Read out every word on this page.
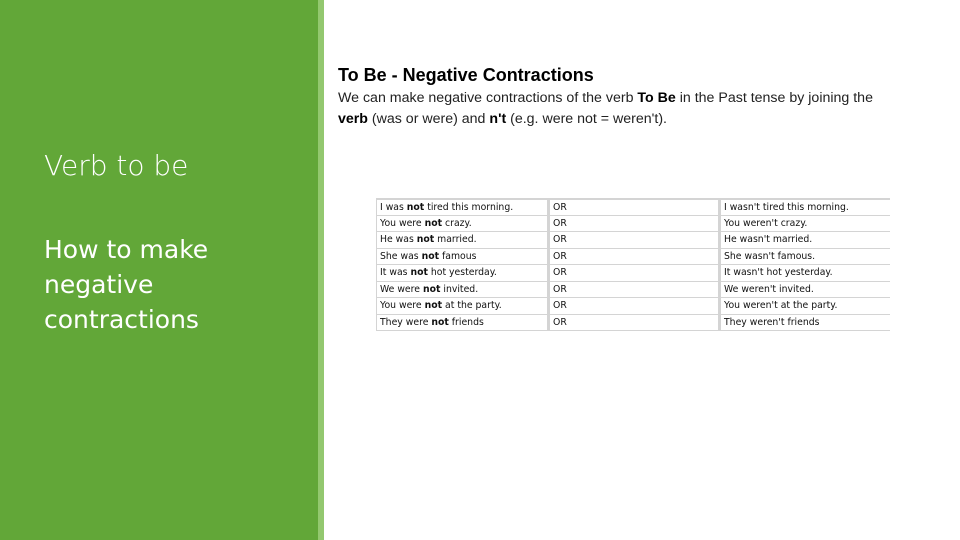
Verb to be
How to make negative contractions
To Be - Negative Contractions
We can make negative contractions of the verb To Be in the Past tense by joining the verb (was or were) and n't (e.g. were not = weren't).
I was not tired this morning.	OR	I wasn't tired this morning.
You were not crazy.	OR	You weren't crazy.
He was not married.	OR	He wasn't married.
She was not famous	OR	She wasn't famous.
It was not hot yesterday.	OR	It wasn't hot yesterday.
We were not invited.	OR	We weren't invited.
You were not at the party.	OR	You weren't at the party.
They were not friends	OR	They weren't friends
